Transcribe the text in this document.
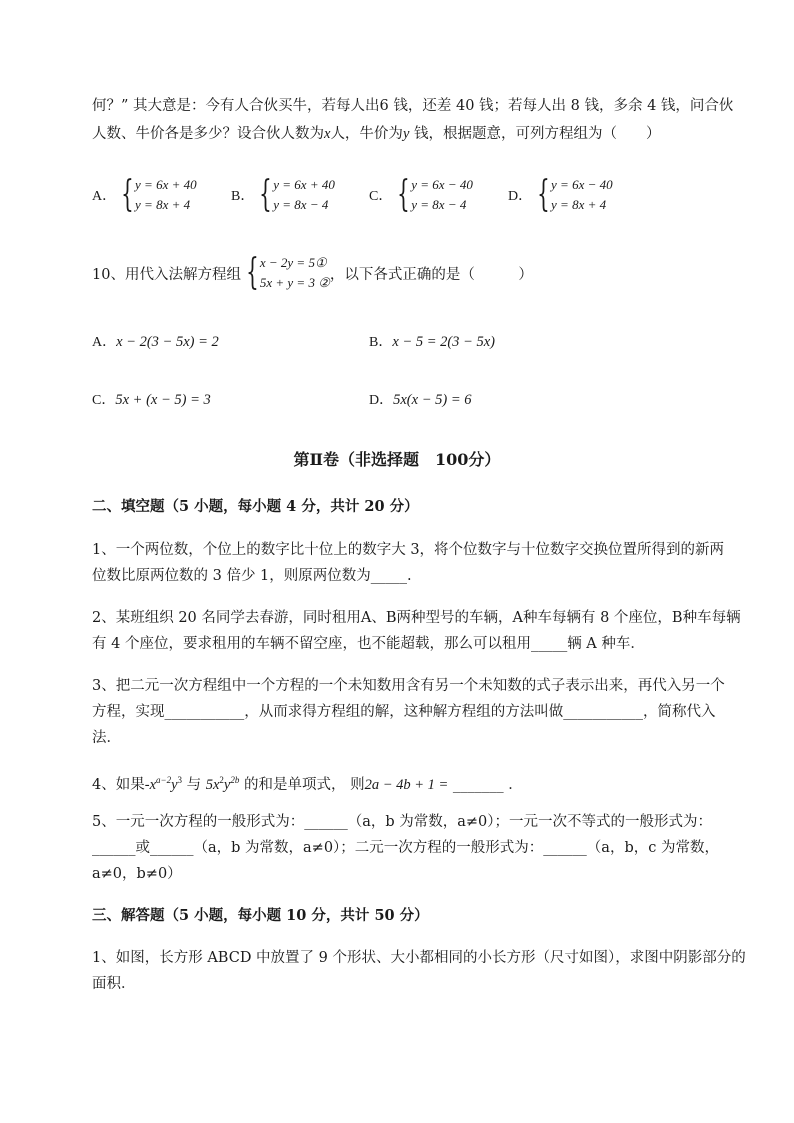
何？” 其大意是：今有人合伙买牛，若每人出6 钱，还差 40 钱；若每人出 8 钱，多余 4 钱，问合伙
人数、牛价各是多少？设合伙人数为x人，牛价为y 钱，根据题意，可列方程组为（　　）
A． { y = 6x + 40
y = 8x + 4
B． { y = 6x + 40
y = 8x − 4
C． { y = 6x − 40
y = 8x − 4
D． { y = 6x − 40
y = 8x + 4
10、用代入法解方程组 { x − 2y = 5①
5x + y = 3 ② ，以下各式正确的是（　　　）
A．x − 2(3 − 5x) = 2	B．x − 5 = 2(3 − 5x)
C．5x + (x − 5) = 3	D．5x(x − 5) = 6
第Ⅱ卷（非选择题　100分）
二、填空题（5 小题，每小题 4 分，共计 20 分）
1、一个两位数，个位上的数字比十位上的数字大 3，将个位数字与十位数字交换位置所得到的新两
位数比原两位数的 3 倍少 1，则原两位数为_____.
2、某班组织 20 名同学去春游，同时租用A、B两种型号的车辆，A种车每辆有 8 个座位，B种车每辆
有 4 个座位，要求租用的车辆不留空座，也不能超载，那么可以租用_____辆 A 种车．
3、把二元一次方程组中一个方程的一个未知数用含有另一个未知数的式子表示出来，再代入另一个
方程，实现___________，从而求得方程组的解，这种解方程组的方法叫做___________，简称代入
法．
4、如果$-x^{a-2}y^3$ 与 $5x^2y^{2b}$ 的和是单项式， 则2a − 4b + 1 = _______ ．
5、一元一次方程的一般形式为：______（a，b 为常数，a≠0）；一元一次不等式的一般形式为：
______或______（a，b 为常数，a≠0）；二元一次方程的一般形式为：______（a，b，c 为常数，
a≠0，b≠0）
三、解答题（5 小题，每小题 10 分，共计 50 分）
1、如图，长方形 ABCD 中放置了 9 个形状、大小都相同的小长方形（尺寸如图），求图中阴影部分的
面积．
